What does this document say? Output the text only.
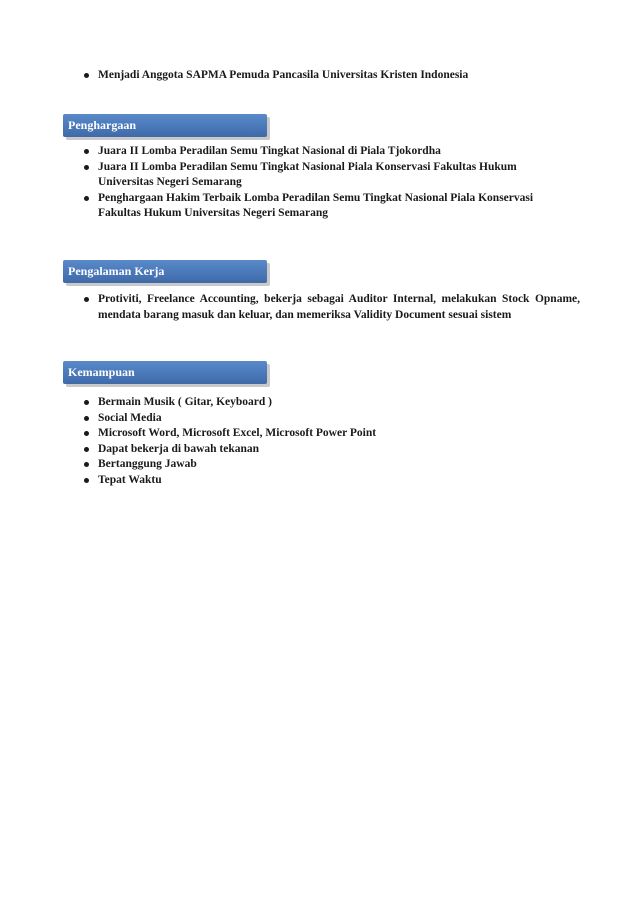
Menjadi Anggota SAPMA Pemuda Pancasila Universitas Kristen Indonesia
Penghargaan
Juara II Lomba Peradilan Semu Tingkat Nasional di Piala Tjokordha
Juara II Lomba Peradilan Semu Tingkat Nasional Piala Konservasi Fakultas Hukum Universitas Negeri Semarang
Penghargaan Hakim Terbaik Lomba Peradilan Semu Tingkat Nasional Piala Konservasi Fakultas Hukum Universitas Negeri Semarang
Pengalaman Kerja
Protiviti, Freelance Accounting, bekerja sebagai Auditor Internal, melakukan Stock Opname, mendata barang masuk dan keluar, dan memeriksa Validity Document sesuai sistem
Kemampuan
Bermain Musik ( Gitar, Keyboard )
Social Media
Microsoft Word, Microsoft Excel, Microsoft Power Point
Dapat bekerja di bawah tekanan
Bertanggung Jawab
Tepat Waktu
